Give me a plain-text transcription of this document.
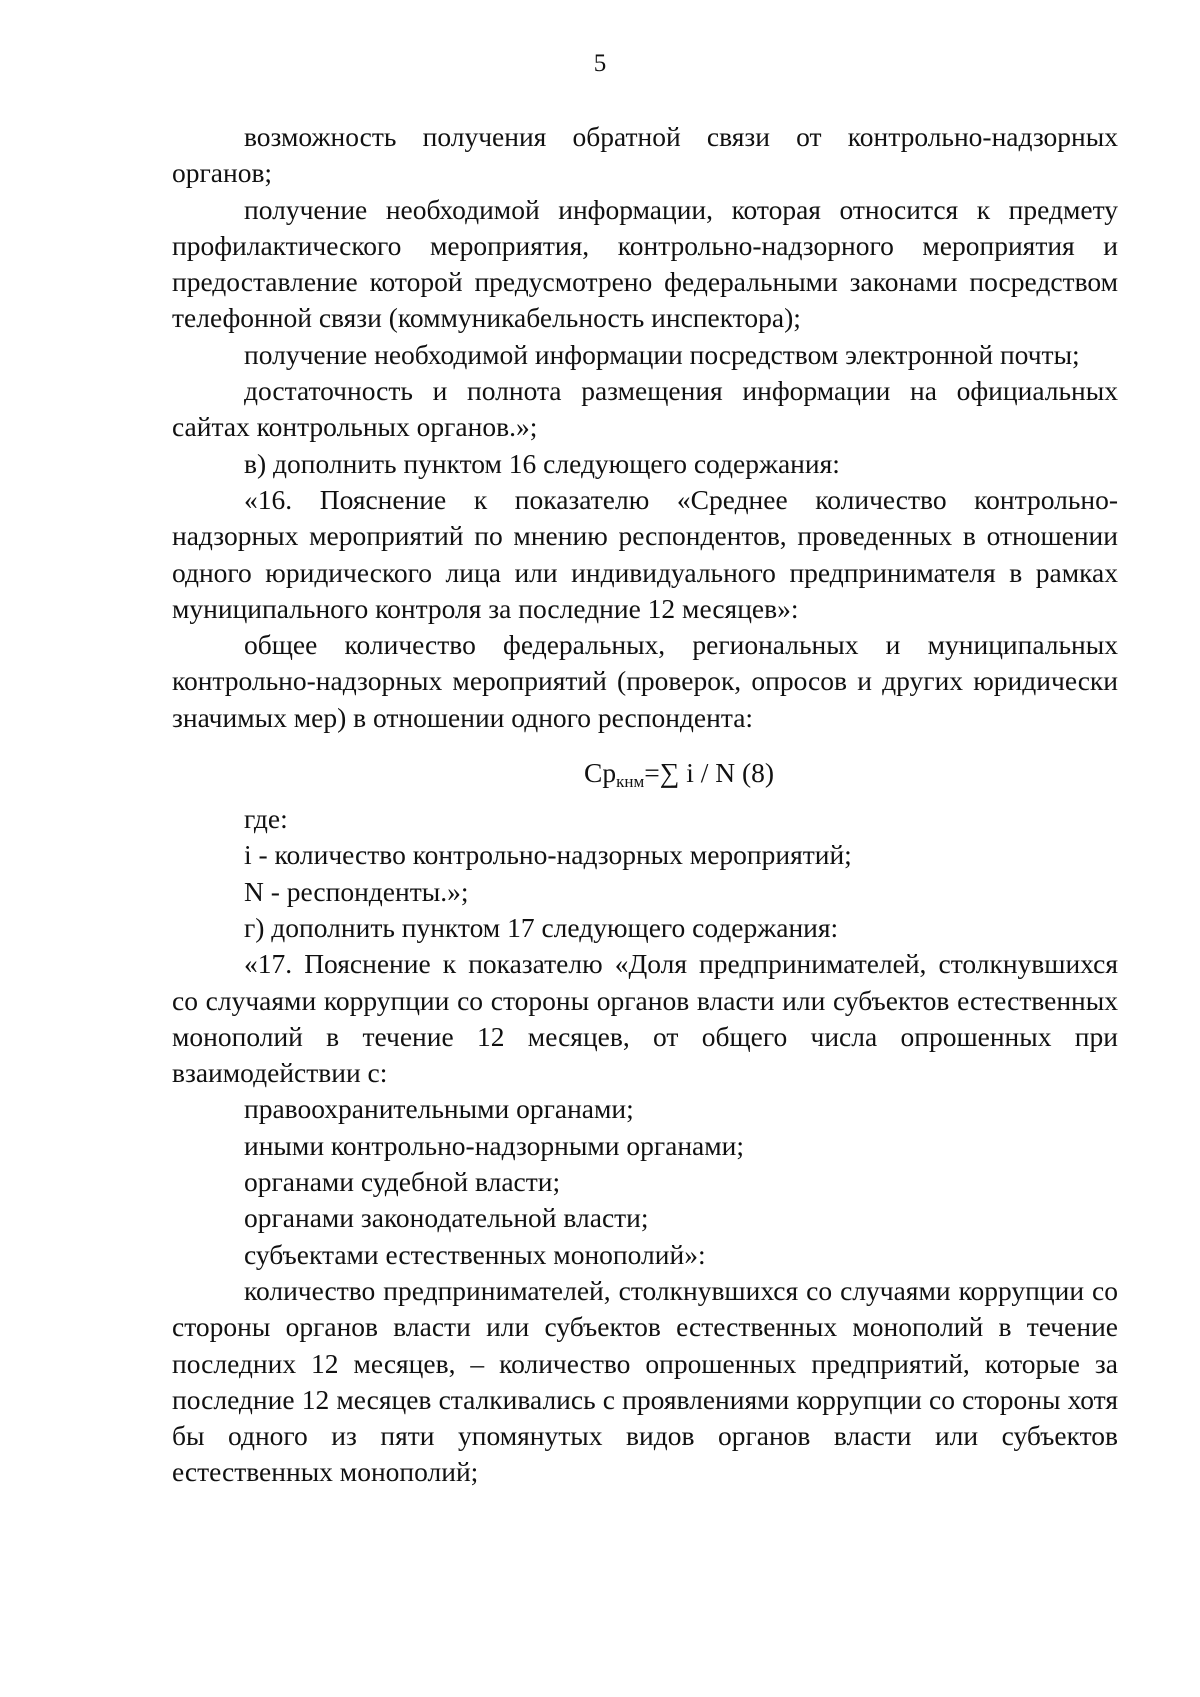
5

возможность получения обратной связи от контрольно-надзорных органов;

получение необходимой информации, которая относится к предмету профилактического мероприятия, контрольно-надзорного мероприятия и предоставление которой предусмотрено федеральными законами посредством телефонной связи (коммуникабельность инспектора);

получение необходимой информации посредством электронной почты;

достаточность и полнота размещения информации на официальных сайтах контрольных органов.»;

в) дополнить пунктом 16 следующего содержания:

«16. Пояснение к показателю «Среднее количество контрольно-надзорных мероприятий по мнению респондентов, проведенных в отношении одного юридического лица или индивидуального предпринимателя в рамках муниципального контроля за последние 12 месяцев»:

общее количество федеральных, региональных и муниципальных контрольно-надзорных мероприятий (проверок, опросов и других юридически значимых мер) в отношении одного респондента:

$Ср_{кнм}=\sum$ i / N (8)

где:

i - количество контрольно-надзорных мероприятий;

N - респонденты.»;

г) дополнить пунктом 17 следующего содержания:

«17. Пояснение к показателю «Доля предпринимателей, столкнувшихся со случаями коррупции со стороны органов власти или субъектов естественных монополий в течение 12 месяцев, от общего числа опрошенных при взаимодействии с:

правоохранительными органами;

иными контрольно-надзорными органами;

органами судебной власти;

органами законодательной власти;

субъектами естественных монополий»:

количество предпринимателей, столкнувшихся со случаями коррупции со стороны органов власти или субъектов естественных монополий в течение последних 12 месяцев, – количество опрошенных предприятий, которые за последние 12 месяцев сталкивались с проявлениями коррупции со стороны хотя бы одного из пяти упомянутых видов органов власти или субъектов естественных монополий;
